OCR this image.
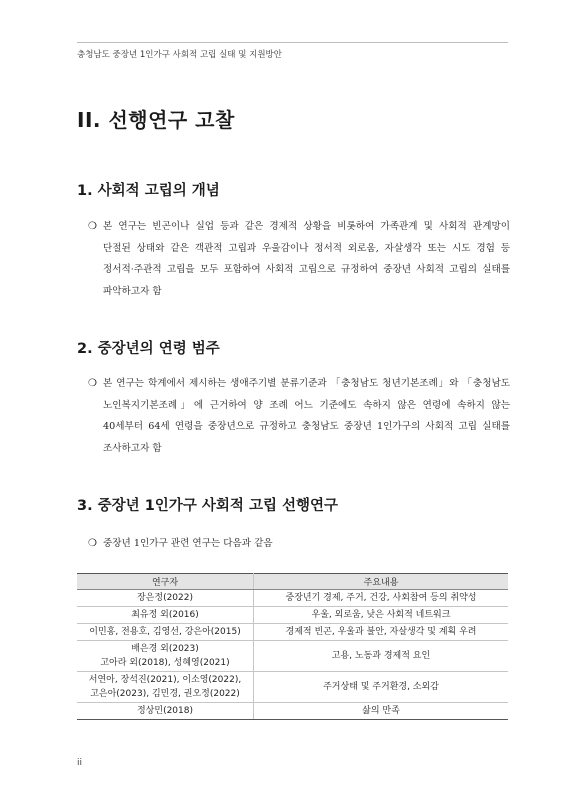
충청남도 중장년 1인가구 사회적 고립 실태 및 지원방안
II. 선행연구 고찰
1. 사회적 고립의 개념
❍ 본 연구는 빈곤이나 실업 등과 같은 경제적 상황을 비롯하여 가족관계 및 사회적 관계망이
단절된 상태와 같은 객관적 고립과 우울감이나 정서적 외로움, 자살생각 또는 시도 경험 등
정서적·주관적 고립을 모두 포함하여 사회적 고립으로 규정하여 중장년 사회적 고립의 실태를
파악하고자 함
2. 중장년의 연령 범주
❍ 본 연구는 학계에서 제시하는 생애주기별 분류기준과 「충청남도 청년기본조례」와 「충청남도
노인복지기본조례」에 근거하여 양 조례 어느 기준에도 속하지 않은 연령에 속하지 않는
40세부터 64세 연령을 중장년으로 규정하고 충청남도 중장년 1인가구의 사회적 고립 실태를
조사하고자 함
3. 중장년 1인가구 사회적 고립 선행연구
❍ 중장년 1인가구 관련 연구는 다음과 같음
연구자	주요내용
장은정(2022)	중장년기 경제, 주거, 건강, 사회참여 등의 취약성
최유정 외(2016)	우울, 외로움, 낮은 사회적 네트워크
이민홍, 전용호, 김영선, 강은아(2015)	경제적 빈곤, 우울과 불안, 자살생각 및 계획 우려
배은경 외(2023)
고아라 외(2018), 성혜영(2021)	고용, 노동과 경제적 요인
서연아, 장석진(2021), 이소영(2022),
고은아(2023), 김민경, 권오정(2022)	주거상태 및 주거환경, 소외감
정상민(2018)	삶의 만족
ii
